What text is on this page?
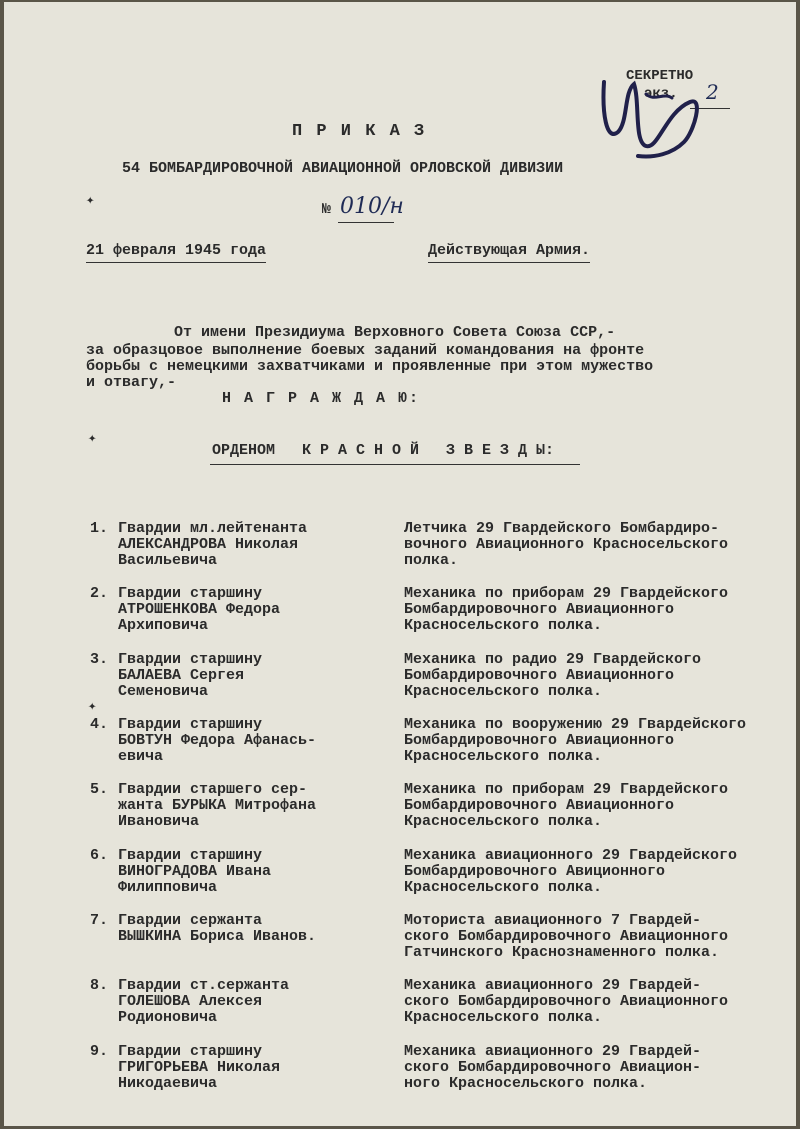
СЕКРЕТНО
экз. 2
П Р И К А З
54 БОМБАРДИРОВОЧНОЙ АВИАЦИОННОЙ ОРЛОВСКОЙ ДИВИЗИИ
№ 010/н
21 февраля 1945 года	Действующая Армия.
От имени Президиума Верховного Совета Союза ССР,-
за образцовое выполнение боевых заданий командования на фронте
борьбы с немецкими захватчиками и проявленные при этом мужество
и отвагу,-
Н А Г Р А Ж Д А Ю:
ОРДЕНОМ К Р А С Н О Й   З В Е З Д Ы:
✦
✦
✦
1. Гвардии мл.лейтенанта
АЛЕКСАНДРОВА Николая
Васильевича
Летчика 29 Гвардейского Бомбардиро-
вочного Авиационного Красносельского
полка.
2. Гвардии старшину
АТРОШЕНКОВА Федора
Архиповича
Механика по приборам 29 Гвардейского
Бомбардировочного Авиационного
Красносельского полка.
3. Гвардии старшину
БАЛАЕВА Сергея
Семеновича
Механика по радио 29 Гвардейского
Бомбардировочного Авиационного
Красносельского полка.
4. Гвардии старшину
БОВТУН Федора Афанась-
евича
Механика по вооружению 29 Гвардейского
Бомбардировочного Авиационного
Красносельского полка.
5. Гвардии старшего сер-
жанта БУРЫКА Митрофана
Ивановича
Механика по приборам 29 Гвардейского
Бомбардировочного Авиационного
Красносельского полка.
6. Гвардии старшину
ВИНОГРАДОВА Ивана
Филипповича
Механика авиационного 29 Гвардейского
Бомбардировочного Авиционного
Красносельского полка.
7. Гвардии сержанта
ВЫШКИНА Бориса Иванов.
Моториста авиационного 7 Гвардей-
ского Бомбардировочного Авиационного
Гатчинского Краснознаменного полка.
8. Гвардии ст.сержанта
ГОЛЕШОВА Алексея
Родионовича
Механика авиационного 29 Гвардей-
ского Бомбардировочного Авиационного
Красносельского полка.
9. Гвардии старшину
ГРИГОРЬЕВА Николая
Никодаевича
Механика авиационного 29 Гвардей-
ского Бомбардировочного Авиацион-
ного Красносельского полка.
